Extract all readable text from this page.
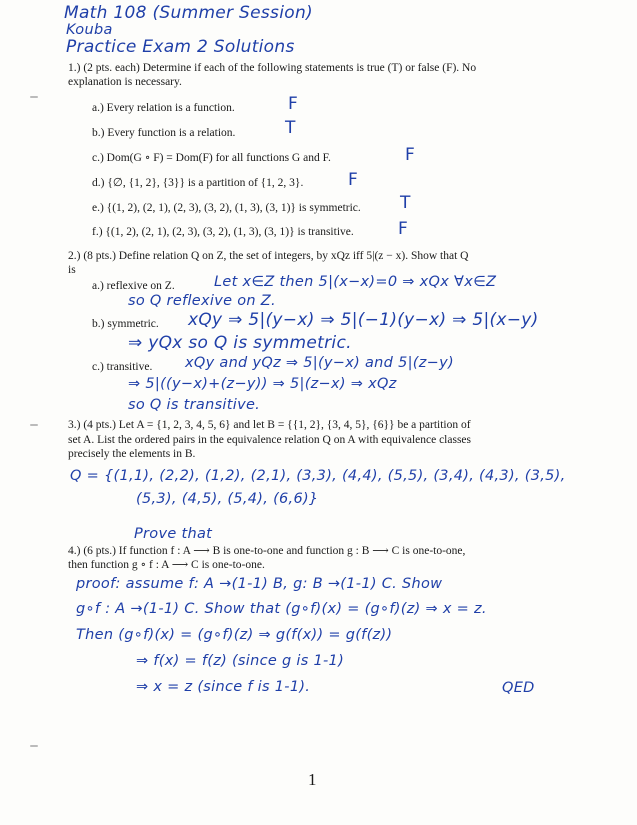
Math 108 (Summer Session)
Kouba
Practice Exam 2 Solutions
1.) (2 pts. each) Determine if each of the following statements is true (T) or false (F). No
explanation is necessary.
a.) Every relation is a function.	F
b.) Every function is a relation.	T
c.) Dom(G ∘ F) = Dom(F) for all functions G and F.	F
d.) {∅, {1, 2}, {3}} is a partition of {1, 2, 3}.	F
e.) {(1, 2), (2, 1), (2, 3), (3, 2), (1, 3), (3, 1)} is symmetric. T
f.) {(1, 2), (2, 1), (2, 3), (3, 2), (1, 3), (3, 1)} is transitive.	F
2.) (8 pts.) Define relation Q on Z, the set of integers, by xQz iff 5|(z − x). Show that Q
is
a.) reflexive on Z.	Let x∈Z then 5|(x−x)=0 ⇒ xQx ∀x∈Z
so Q reflexive on Z.
b.) symmetric. xQy ⇒ 5|(y−x) ⇒ 5|(−1)(y−x) ⇒ 5|(x−y)
⇒ yQx so Q is symmetric.
c.) transitive. xQy and yQz ⇒ 5|(y−x) and 5|(z−y)
⇒ 5|((y−x)+(z−y)) ⇒ 5|(z−x) ⇒ xQz
so Q is transitive.
3.) (4 pts.) Let A = {1, 2, 3, 4, 5, 6} and let B = {{1, 2}, {3, 4, 5}, {6}} be a partition of
set A. List the ordered pairs in the equivalence relation Q on A with equivalence classes
precisely the elements in B.
Q = {(1,1), (2,2), (1,2), (2,1), (3,3), (4,4), (5,5), (3,4), (4,3), (3,5),
(5,3), (4,5), (5,4), (6,6)}
Prove that
4.) (6 pts.) If function f : A ⟶ B is one-to-one and function g : B ⟶ C is one-to-one,
then function g ∘ f : A ⟶ C is one-to-one.
proof: assume f: A →(1-1) B, g: B →(1-1) C. Show
g∘f : A →(1-1) C. Show that (g∘f)(x) = (g∘f)(z) ⇒ x = z.
Then (g∘f)(x) = (g∘f)(z) ⇒ g(f(x)) = g(f(z))
⇒ f(x) = f(z) (since g is 1-1)
⇒ x = z (since f is 1-1).	QED
1
